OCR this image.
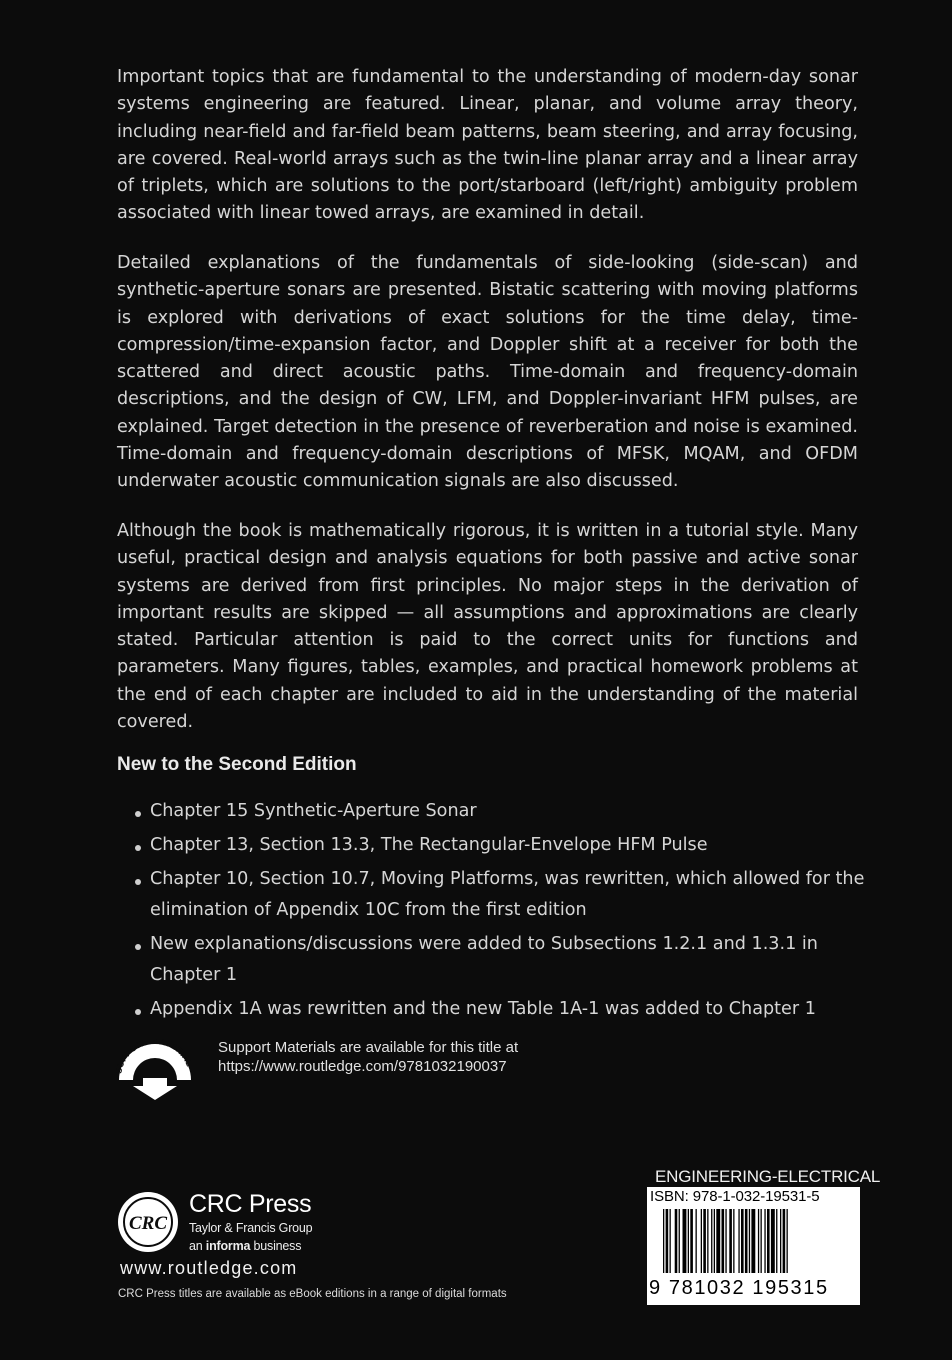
Important topics that are fundamental to the understanding of modern-day sonar systems engineering are featured. Linear, planar, and volume array theory, including near-field and far-field beam patterns, beam steering, and array focusing, are covered. Real-world arrays such as the twin-line planar array and a linear array of triplets, which are solutions to the port/starboard (left/right) ambiguity problem associated with linear towed arrays, are examined in detail.

Detailed explanations of the fundamentals of side-looking (side-scan) and synthetic-aperture sonars are presented. Bistatic scattering with moving platforms is explored with derivations of exact solutions for the time delay, time-compression/time-expansion factor, and Doppler shift at a receiver for both the scattered and direct acoustic paths. Time-domain and frequency-domain descriptions, and the design of CW, LFM, and Doppler-invariant HFM pulses, are explained. Target detection in the presence of reverberation and noise is examined. Time-domain and frequency-domain descriptions of MFSK, MQAM, and OFDM underwater acoustic communication signals are also discussed.

Although the book is mathematically rigorous, it is written in a tutorial style. Many useful, practical design and analysis equations for both passive and active sonar systems are derived from first principles. No major steps in the derivation of important results are skipped — all assumptions and approximations are clearly stated. Particular attention is paid to the correct units for functions and parameters. Many figures, tables, examples, and practical homework problems at the end of each chapter are included to aid in the understanding of the material covered.

New to the Second Edition
Chapter 15 Synthetic-Aperture Sonar
Chapter 13, Section 13.3, The Rectangular-Envelope HFM Pulse
Chapter 10, Section 10.7, Moving Platforms, was rewritten, which allowed for the elimination of Appendix 10C from the first edition
New explanations/discussions were added to Subsections 1.2.1 and 1.3.1 in Chapter 1
Appendix 1A was rewritten and the new Table 1A-1 was added to Chapter 1
SUPPORT MATERIAL
Support Materials are available for this title at
https://www.routledge.com/9781032190037
CRC
CRC Press
Taylor & Francis Group
an informa business
www.routledge.com
CRC Press titles are available as eBook editions in a range of digital formats
ENGINEERING-ELECTRICAL
ISBN: 978-1-032-19531-5
9 781032 195315
